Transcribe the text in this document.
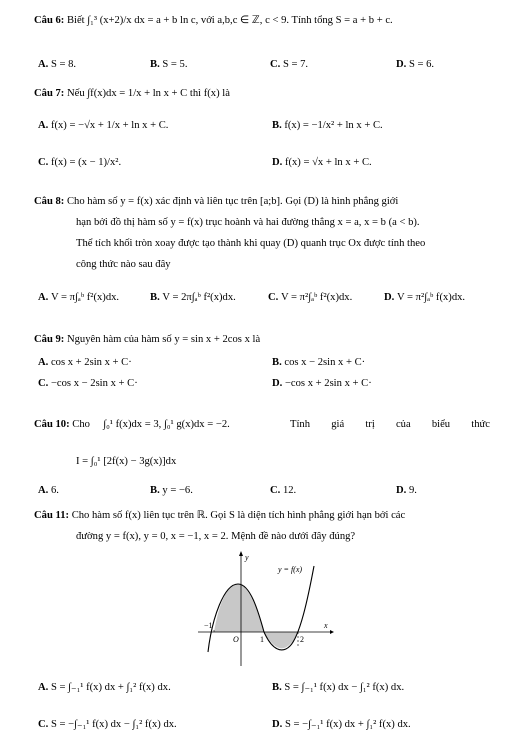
Câu 6: Biết ∫₁³ (x+2)/x dx = a + b ln c, với a,b,c ∈ ℤ, c < 9. Tính tổng S = a + b + c.
A. S = 8.	B. S = 5.	C. S = 7.	D. S = 6.
Câu 7: Nếu ∫f(x)dx = 1/x + ln x + C thì f(x) là
A. f(x) = −√x + 1/x + ln x + C.	B. f(x) = −1/x² + ln x + C.
C. f(x) = (x − 1)/x².	D. f(x) = √x + ln x + C.
Câu 8: Cho hàm số y = f(x) xác định và liên tục trên [a;b]. Gọi (D) là hình phẳng giới
hạn bởi đồ thị hàm số y = f(x) trục hoành và hai đường thẳng x = a, x = b (a < b).
Thể tích khối tròn xoay được tạo thành khi quay (D) quanh trục Ox được tính theo
công thức nào sau đây
A. V = π∫ₐᵇ f²(x)dx.	B. V = 2π∫ₐᵇ f²(x)dx.	C. V = π²∫ₐᵇ f²(x)dx.	D. V = π²∫ₐᵇ f(x)dx.
Câu 9: Nguyên hàm của hàm số y = sin x + 2cos x là
A. cos x + 2sin x + C·	B. cos x − 2sin x + C·
C. −cos x − 2sin x + C·	D. −cos x + 2sin x + C·
Câu 10: Cho ∫₀¹ f(x)dx = 3, ∫₀¹ g(x)dx = −2.	Tính giá trị của biểu thức
I = ∫₀¹ [2f(x) − 3g(x)]dx
A. 6.	B. y = −6.	C. 12.	D. 9.
Câu 11: Cho hàm số f(x) liên tục trên ℝ. Gọi S là diện tích hình phẳng giới hạn bởi các
đường y = f(x), y = 0, x = −1, x = 2. Mệnh đề nào dưới đây đúng?
y
x
y = f(x)
O
−1
1	2
A. S = ∫₋₁¹ f(x) dx + ∫₁² f(x) dx.	B. S = ∫₋₁¹ f(x) dx − ∫₁² f(x) dx.
C. S = −∫₋₁¹ f(x) dx − ∫₁² f(x) dx.	D. S = −∫₋₁¹ f(x) dx + ∫₁² f(x) dx.
